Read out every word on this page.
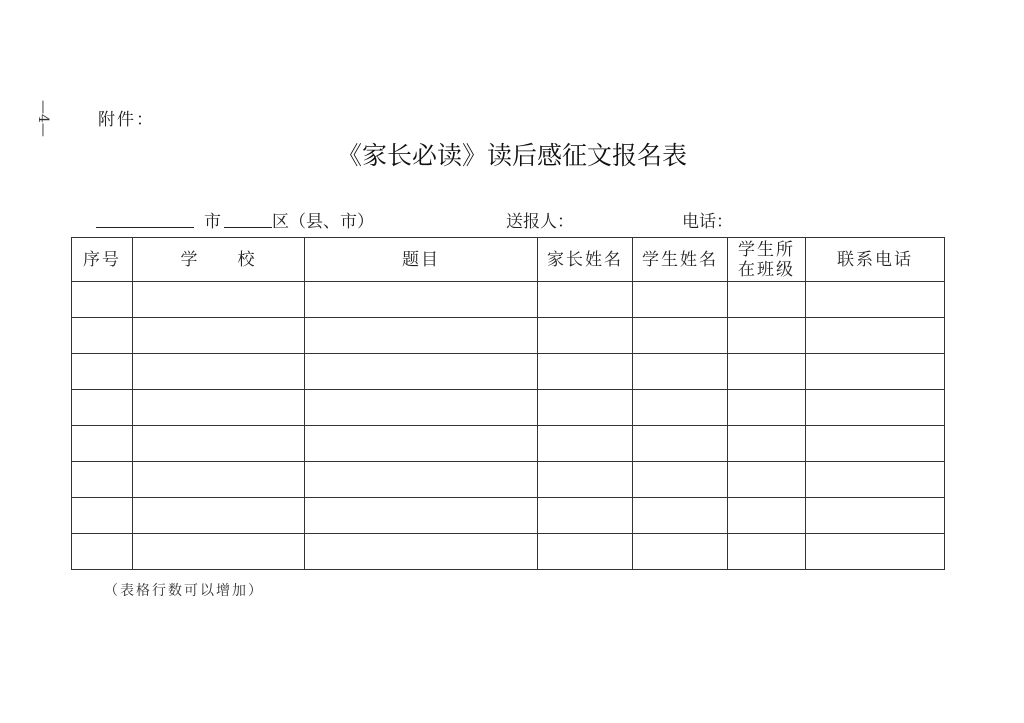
—4—	附件：
《家长必读》读后感征文报名表
市	区（县、市）	送报人：	电话：
序号	学　　校	题目	家长姓名	学生姓名	学生所在班级	联系电话

（表格行数可以增加）
